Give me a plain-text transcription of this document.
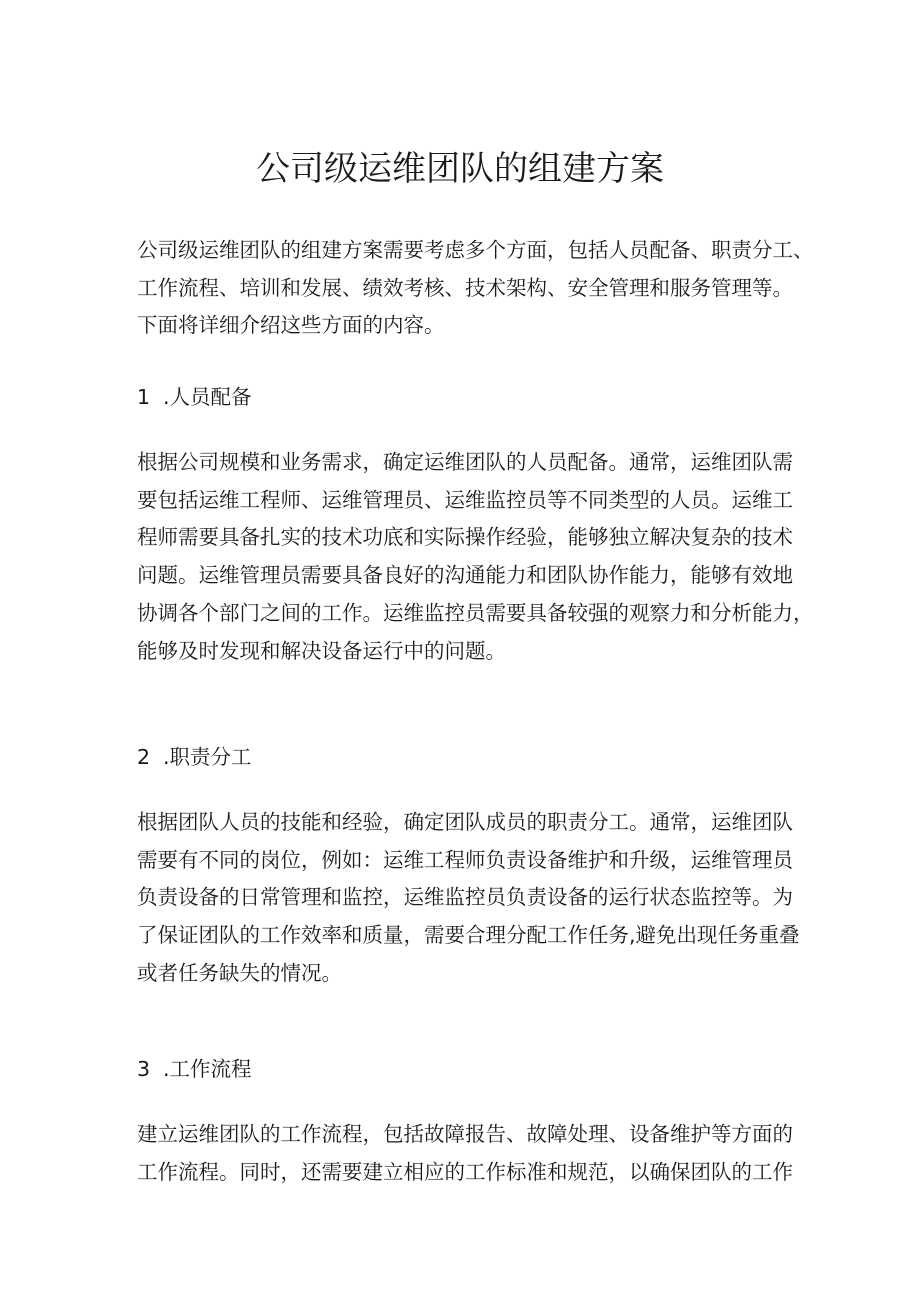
公司级运维团队的组建方案

公司级运维团队的组建方案需要考虑多个方面，包括人员配备、职责分工、
工作流程、培训和发展、绩效考核、技术架构、安全管理和服务管理等。
下面将详细介绍这些方面的内容。

1 .人员配备

根据公司规模和业务需求，确定运维团队的人员配备。通常，运维团队需
要包括运维工程师、运维管理员、运维监控员等不同类型的人员。运维工
程师需要具备扎实的技术功底和实际操作经验，能够独立解决复杂的技术
问题。运维管理员需要具备良好的沟通能力和团队协作能力，能够有效地
协调各个部门之间的工作。运维监控员需要具备较强的观察力和分析能力，
能够及时发现和解决设备运行中的问题。

2 .职责分工

根据团队人员的技能和经验，确定团队成员的职责分工。通常，运维团队
需要有不同的岗位，例如：运维工程师负责设备维护和升级，运维管理员
负责设备的日常管理和监控，运维监控员负责设备的运行状态监控等。为
了保证团队的工作效率和质量，需要合理分配工作任务,避免出现任务重叠
或者任务缺失的情况。

3 .工作流程

建立运维团队的工作流程，包括故障报告、故障处理、设备维护等方面的
工作流程。同时，还需要建立相应的工作标准和规范，以确保团队的工作
